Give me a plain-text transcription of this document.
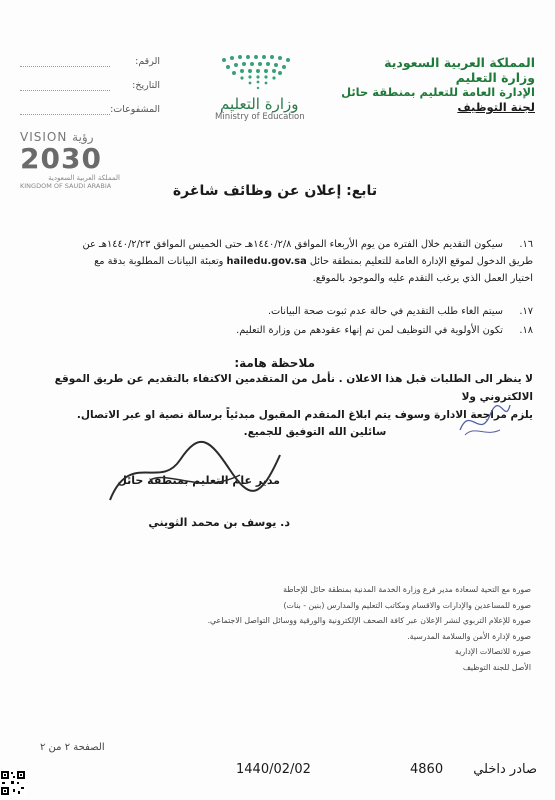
المملكة العربية السعودية
وزارة التعليم
الإدارة العامة للتعليم بمنطقة حائل
لجنة التوظيف
الرقم:
التاريخ:
المشفوعات:	وزارة التعليم
Ministry of Education
VISION رؤية
2030
المملكة العربية السعودية
KINGDOM OF SAUDI ARABIA	تابع: إعلان عن وظائف شاغرة
١٦.سيكون التقديم خلال الفترة من يوم الأربعاء الموافق ١٤٤٠/٢/٨هـ حتى الخميس الموافق ١٤٤٠/٢/٢٣هـ عن
طريق الدخول لموقع الإدارة العامة للتعليم بمنطقة حائل hailedu.gov.sa وتعبئة البيانات المطلوبة بدقة مع
اختيار العمل الذي يرغب التقدم عليه والموجود بالموقع.
١٧.سيتم الغاء طلب التقديم في حالة عدم ثبوت صحة البيانات.
١٨.تكون الأولوية في التوظيف لمن تم إنهاء عقودهم من وزارة التعليم.
ملاحظة هامة:
لا ينظر الى الطلبات قبل هذا الاعلان . نأمل من المتقدمين الاكتفاء بالتقديم عن طريق الموقع الالكتروني ولا
يلزم مراجعة الادارة وسوف يتم ابلاغ المتقدم المقبول مبدئياً برسالة نصية او عبر الاتصال.
سائلين الله التوفيق للجميع.
مدير عام التعليم بمنطقة حائل
د. يوسف بن محمد الثويني
صورة مع التحية لسعادة مدير فرع وزارة الخدمة المدنية بمنطقة حائل للإحاطة
صورة للمساعدين والإدارات والاقسام ومكاتب التعليم والمدارس (بنين - بنات)
صورة للإعلام التربوي لنشر الإعلان عبر كافة الصحف الإلكترونية والورقية ووسائل التواصل الاجتماعي.
صورة لإدارة الأمن والسلامة المدرسية.
صورة للاتصالات الإدارية
الأصل للجنة التوظيف
الصفحة ٢ من ٢
1440/02/02	4860 صادر داخلي
